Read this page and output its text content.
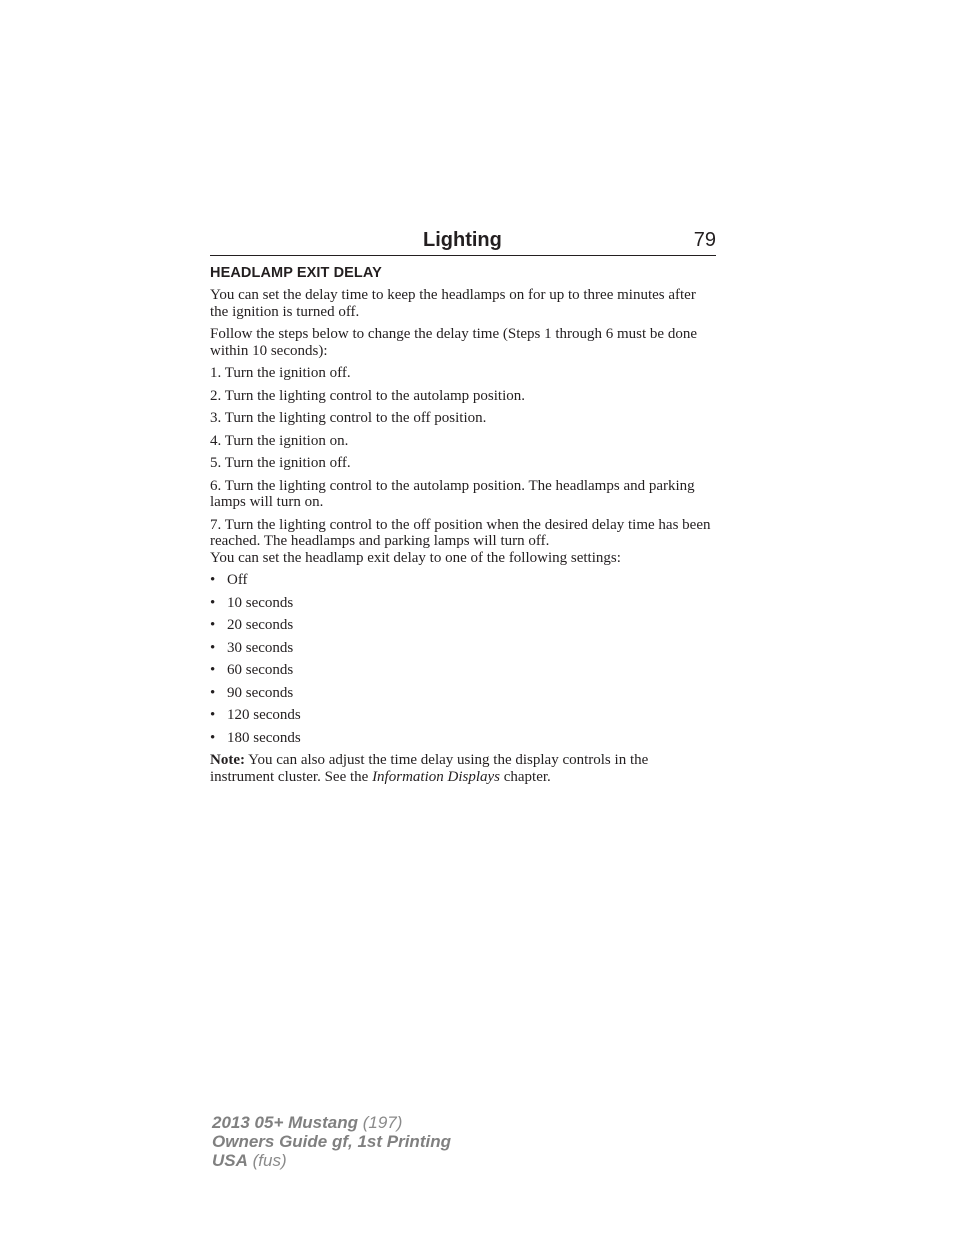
Lighting	79
HEADLAMP EXIT DELAY

You can set the delay time to keep the headlamps on for up to three minutes after the ignition is turned off.

Follow the steps below to change the delay time (Steps 1 through 6 must be done within 10 seconds):

1. Turn the ignition off.

2. Turn the lighting control to the autolamp position.

3. Turn the lighting control to the off position.

4. Turn the ignition on.

5. Turn the ignition off.

6. Turn the lighting control to the autolamp position. The headlamps and parking lamps will turn on.

7. Turn the lighting control to the off position when the desired delay time has been reached. The headlamps and parking lamps will turn off.

You can set the headlamp exit delay to one of the following settings:

• Off
• 10 seconds
• 20 seconds
• 30 seconds
• 60 seconds
• 90 seconds
• 120 seconds
• 180 seconds

Note: You can also adjust the time delay using the display controls in the instrument cluster. See the Information Displays chapter.

2013 05+ Mustang (197)
Owners Guide gf, 1st Printing
USA (fus)
